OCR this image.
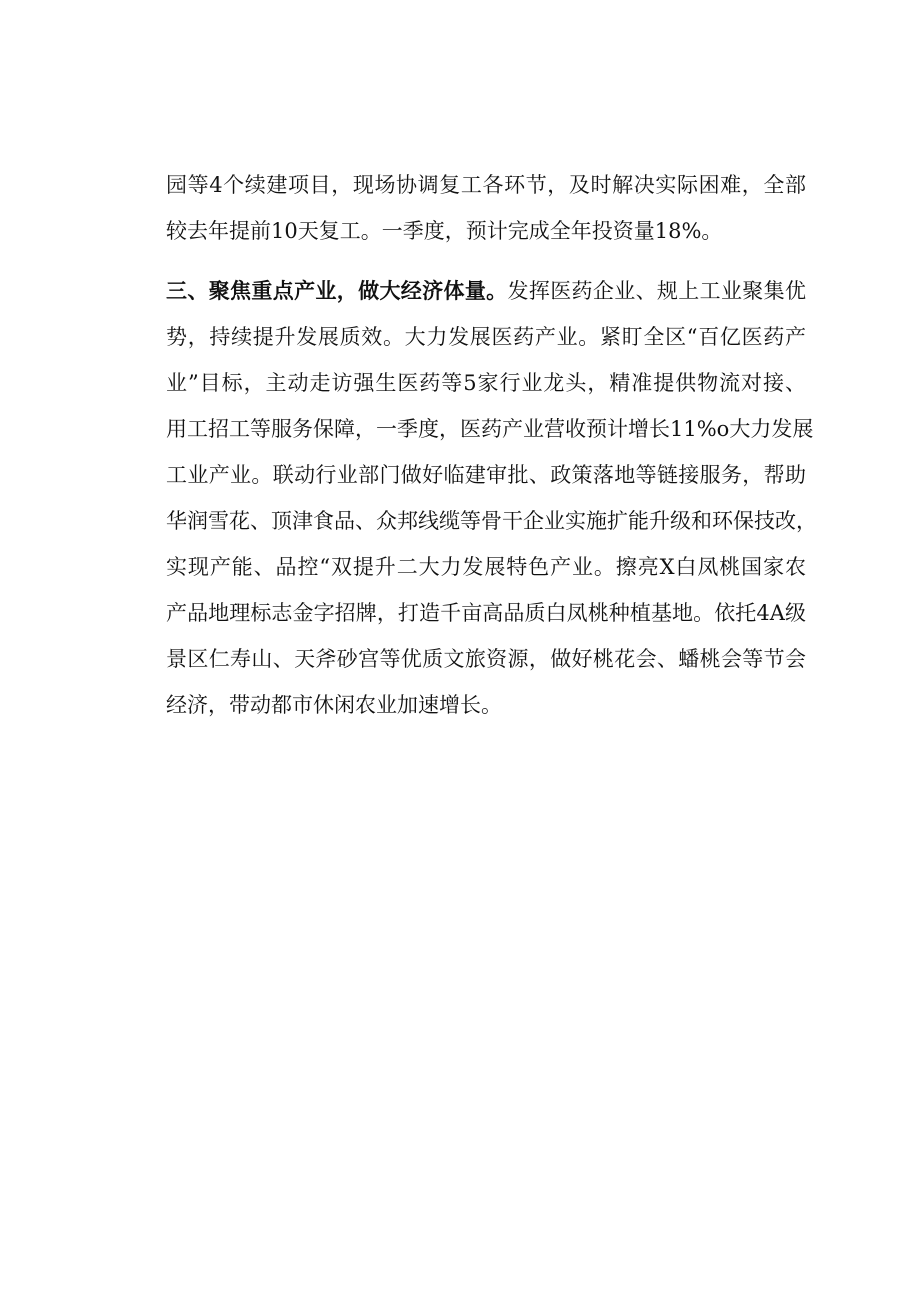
园等4个续建项目，现场协调复工各环节，及时解决实际困难，全部
较去年提前10天复工。一季度，预计完成全年投资量18%。
三、聚焦重点产业，做大经济体量。发挥医药企业、规上工业聚集优
势，持续提升发展质效。大力发展医药产业。紧盯全区“百亿医药产
业”目标，主动走访强生医药等5家行业龙头，精准提供物流对接、
用工招工等服务保障，一季度，医药产业营收预计增长11%o大力发展
工业产业。联动行业部门做好临建审批、政策落地等链接服务，帮助
华润雪花、顶津食品、众邦线缆等骨干企业实施扩能升级和环保技改，
实现产能、品控“双提升二大力发展特色产业。擦亮X白凤桃国家农
产品地理标志金字招牌，打造千亩高品质白凤桃种植基地。依托4A级
景区仁寿山、天斧砂宫等优质文旅资源，做好桃花会、蟠桃会等节会
经济，带动都市休闲农业加速增长。
